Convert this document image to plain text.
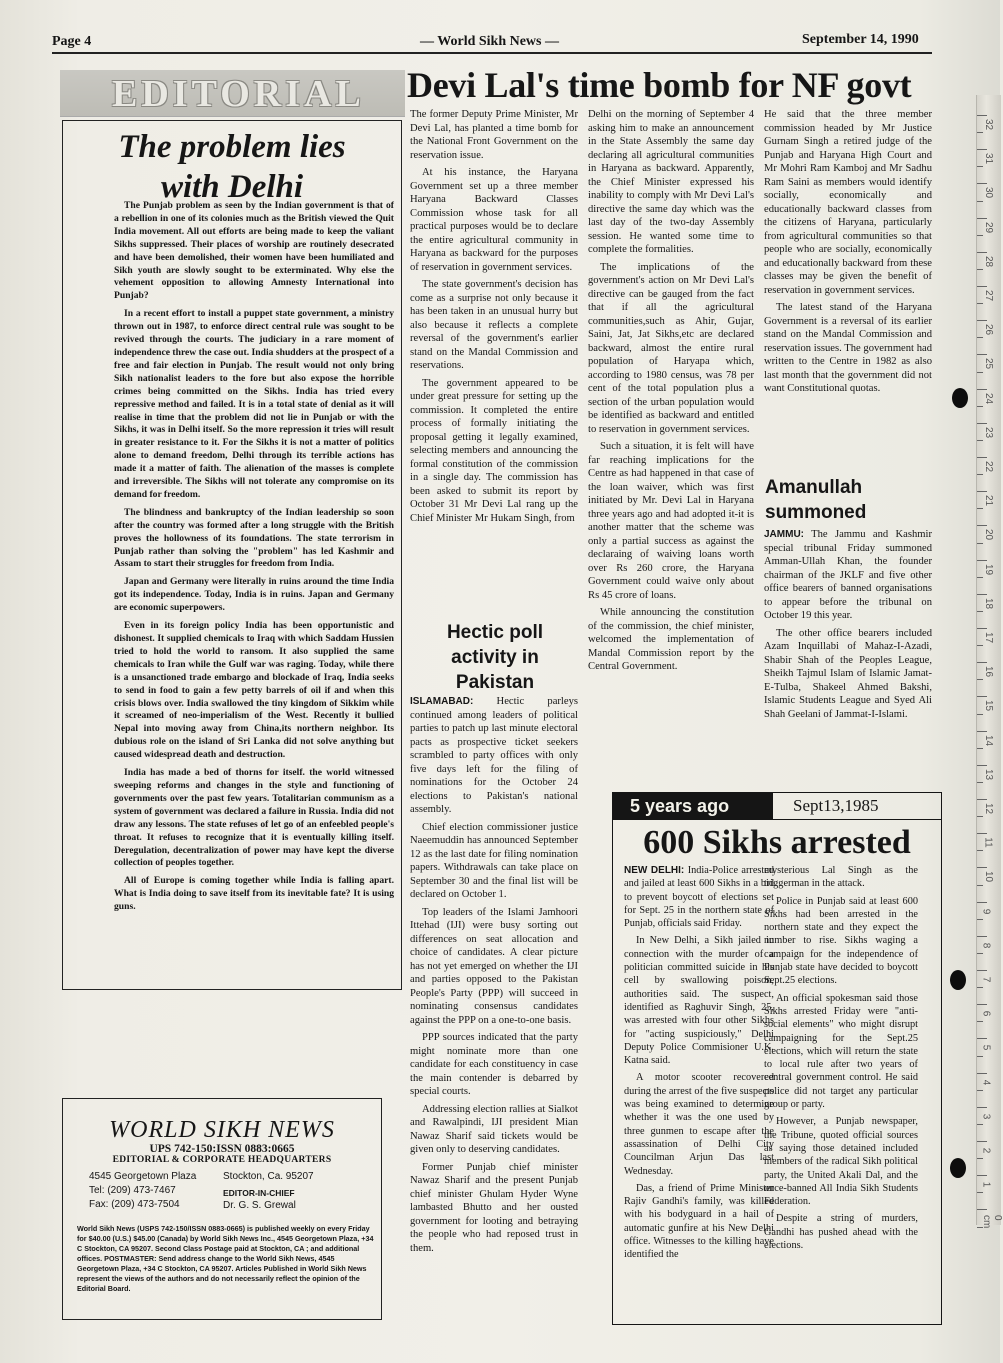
Page 4	— World Sikh News —	September 14, 1990
EDITORIAL
The problem lies
with Delhi

The Punjab problem as seen by the Indian government is that of a rebellion in one of its colonies much as the British viewed the Quit India movement. All out efforts are being made to keep the valiant Sikhs suppressed. Their places of worship are routinely desecrated and have been demolished, their women have been humiliated and Sikh youth are slowly sought to be exterminated. Why else the vehement opposition to allowing Amnesty International into Punjab?

In a recent effort to install a puppet state government, a ministry thrown out in 1987, to enforce direct central rule was sought to be revived through the courts. The judiciary in a rare moment of independence threw the case out. India shudders at the prospect of a free and fair election in Punjab. The result would not only bring Sikh nationalist leaders to the fore but also expose the horrible crimes being committed on the Sikhs. India has tried every repressive method and failed. It is in a total state of denial as it will realise in time that the problem did not lie in Punjab or with the Sikhs, it was in Delhi itself. So the more repression it tries will result in greater resistance to it. For the Sikhs it is not a matter of politics alone to demand freedom, Delhi through its terrible actions has made it a matter of faith. The alienation of the masses is complete and irreversible. The Sikhs will not tolerate any compromise on its demand for freedom.

The blindness and bankruptcy of the Indian leadership so soon after the country was formed after a long struggle with the British proves the hollowness of its foundations. The state terrorism in Punjab rather than solving the "problem" has led Kashmir and Assam to start their struggles for freedom from India.

Japan and Germany were literally in ruins around the time India got its independence. Today, India is in ruins. Japan and Germany are economic superpowers.

Even in its foreign policy India has been opportunistic and dishonest. It supplied chemicals to Iraq with which Saddam Hussien tried to hold the world to ransom. It also supplied the same chemicals to Iran while the Gulf war was raging. Today, while there is a unsanctioned trade embargo and blockade of Iraq, India seeks to send in food to gain a few petty barrels of oil if and when this crisis blows over. India swallowed the tiny kingdom of Sikkim while it screamed of neo-imperialism of the West. Recently it bullied Nepal into moving away from China,its northern neighbor. Its dubious role on the island of Sri Lanka did not solve anything but caused widespread death and destruction.

India has made a bed of thorns for itself. the world witnessed sweeping reforms and changes in the style and functioning of governments over the past few years. Totalitarian communism as a system of government was declared a failure in Russia. India did not draw any lessons. The state refuses of let go of an enfeebled people's throat. It refuses to recognize that it is eventually killing itself. Deregulation, decentralization of power may have kept the diverse collection of peoples together.

All of Europe is coming together while India is falling apart. What is India doing to save itself from its inevitable fate? It is using guns.

WORLD SIKH NEWS
UPS 742-150:ISSN 0883:0665
EDITORIAL & CORPORATE HEADQUARTERS
4545 Georgetown Plaza	Stockton, Ca. 95207
Tel: (209) 473-7467	EDITOR-IN-CHIEF
Fax: (209) 473-7504	Dr. G. S. Grewal
World Sikh News (USPS 742-150/ISSN 0883-0665) is published weekly on every Friday for $40.00 (U.S.) $45.00 (Canada) by World Sikh News Inc., 4545 Georgetown Plaza, +34 C Stockton, CA 95207. Second Class Postage paid at Stockton, CA ; and additional offices. POSTMASTER: Send address change to the World Sikh News, 4545 Georgetown Plaza, +34 C Stockton, CA 95207. Articles Published in World Sikh News represent the views of the authors and do not necessarily reflect the opinion of the Editorial Board.
Devi Lal's time bomb for NF govt

The former Deputy Prime Minister, Mr Devi Lal, has planted a time bomb for the National Front Government on the reservation issue.

At his instance, the Haryana Government set up a three member Haryana Backward Classes Commission whose task for all practical purposes would be to declare the entire agricultural community in Haryana as backward for the purposes of reservation in government services.

The state government's decision has come as a surprise not only because it has been taken in an unusual hurry but also because it reflects a complete reversal of the government's earlier stand on the Mandal Commission and reservations.

The government appeared to be under great pressure for setting up the commission. It completed the entire process of formally initiating the proposal getting it legally examined, selecting members and announcing the formal constitution of the commission in a single day. The commission has been asked to submit its report by October 31 Mr Devi Lal rang up the Chief Minister Mr Hukam Singh, from

Hectic poll
activity in
Pakistan

ISLAMABAD: Hectic parleys continued among leaders of political parties to patch up last minute electoral pacts as prospective ticket seekers scrambled to party offices with only five days left for the filing of nominations for the October 24 elections to Pakistan's national assembly.

Chief election commissioner justice Naeemuddin has announced September 12 as the last date for filing nomination papers. Withdrawals can take place on September 30 and the final list will be declared on October 1.

Top leaders of the Islami Jamhoori Ittehad (IJI) were busy sorting out differences on seat allocation and choice of candidates. A clear picture has not yet emerged on whether the IJI and parties opposed to the Pakistan People's Party (PPP) will succeed in nominating consensus candidates against the PPP on a one-to-one basis.

PPP sources indicated that the party might nominate more than one candidate for each constituency in case the main contender is debarred by special courts.

Addressing election rallies at Sialkot and Rawalpindi, IJI president Mian Nawaz Sharif said tickets would be given only to deserving candidates.

Former Punjab chief minister Nawaz Sharif and the present Punjab chief minister Ghulam Hyder Wyne lambasted Bhutto and her ousted government for looting and betraying the people who had reposed trust in them.

Delhi on the morning of September 4 asking him to make an announcement in the State Assembly the same day declaring all agricultural communities in Haryana as backward. Apparently, the Chief Minister expressed his inability to comply with Mr Devi Lal's directive the same day which was the last day of the two-day Assembly session. He wanted some time to complete the formalities.

The implications of the government's action on Mr Devi Lal's directive can be gauged from the fact that if all the agricultural communities,such as Ahir, Gujar, Saini, Jat, Jat Sikhs,etc are declared backward, almost the entire rural population of Haryapa which, according to 1980 census, was 78 per cent of the total population plus a section of the urban population would be identified as backward and entitled to reservation in government services.

Such a situation, it is felt will have far reaching implications for the Centre as had happened in that case of the loan waiver, which was first initiated by Mr. Devi Lal in Haryana three years ago and had adopted it-it is another matter that the scheme was only a partial success as against the declaraing of waiving loans worth over Rs 260 crore, the Haryana Government could waive only about Rs 45 crore of loans.

While announcing the constitution of the commission, the chief minister, welcomed the implementation of Mandal Commission report by the Central Government.

He said that the three member commission headed by Mr Justice Gurnam Singh a retired judge of the Punjab and Haryana High Court and Mr Mohri Ram Kamboj and Mr Sadhu Ram Saini as members would identify socially, economically and educationally backward classes from the citizens of Haryana, particularly from agricultural communities so that people who are socially, economically and educationally backward from these classes may be given the benefit of reservation in government services.

The latest stand of the Haryana Government is a reversal of its earlier stand on the Mandal Commission and reservation issues. The government had written to the Centre in 1982 as also last month that the government did not want Constitutional quotas.

Amanullah
summoned

JAMMU: The Jammu and Kashmir special tribunal Friday summoned Amman-Ullah Khan, the founder chairman of the JKLF and five other office bearers of banned organisations to appear before the tribunal on October 19 this year.

The other office bearers included Azam Inquillabi of Mahaz-I-Azadi, Shabir Shah of the Peoples League, Sheikh Tajmul Islam of Islamic Jamat-E-Tulba, Shakeel Ahmed Bakshi, Islamic Students League and Syed Ali Shah Geelani of Jammat-I-Islami.

5 years ago	Sept13,1985
600 Sikhs arrested

NEW DELHI: India-Police arrested and jailed at least 600 Sikhs in a bid to prevent boycott of elections set for Sept. 25 in the northern state of Punjab, officials said Friday.

In New Delhi, a Sikh jailed in connection with the murder of a politician committed suicide in his cell by swallowing poison, authorities said. The suspect, identified as Raghuvir Singh, 25, was arrested with four other Sikhs for "acting suspiciously," Delhi Deputy Police Commisioner U.K. Katna said.

A motor scooter recovered during the arrest of the five suspects was being examined to determine whether it was the one used by three gunmen to escape after the assassination of Delhi City Councilman Arjun Das last Wednesday.

Das, a friend of Prime Minister Rajiv Gandhi's family, was killed with his bodyguard in a hail of automatic gunfire at his New Delhi office. Witnesses to the killing have identified the

mysterious Lal Singh as the triggerman in the attack.

Police in Punjab said at least 600 Sikhs had been arrested in the northern state and they expect the number to rise. Sikhs waging a campaign for the independence of Punjab state have decided to boycott Sept.25 elections.

An official spokesman said those Sikhs arrested Friday were "anti-social elements" who might disrupt campaigning for the Sept.25 elections, which will return the state to local rule after two years of central government control. He said police did not target any particular group or party.

However, a Punjab newspaper, the Tribune, quoted official sources as saying those detained included members of the radical Sikh political party, the United Akali Dal, and the once-banned All India Sikh Students Federation.

Despite a string of murders, Gandhi has pushed ahead with the elections.

32
31
30
29
28
27
26
25
24
23
22
21
20
19
18
17
16
15
14
13
12
11
10
9
8
7
6
5
4
3
2
1
0 cm
